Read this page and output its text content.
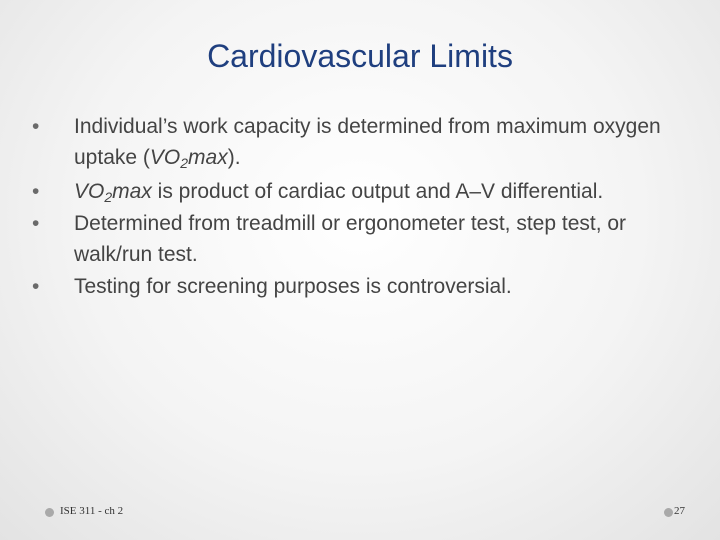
Cardiovascular Limits
•	Individual’s work capacity is determined from maximum oxygen uptake $(VO_2\max)$.
•	$VO_2\max$ is product of cardiac output and A–V differential.
•	Determined from treadmill or ergonometer test, step test, or walk/run test.
•	Testing for screening purposes is controversial.
ISE 311 - ch 2	27
